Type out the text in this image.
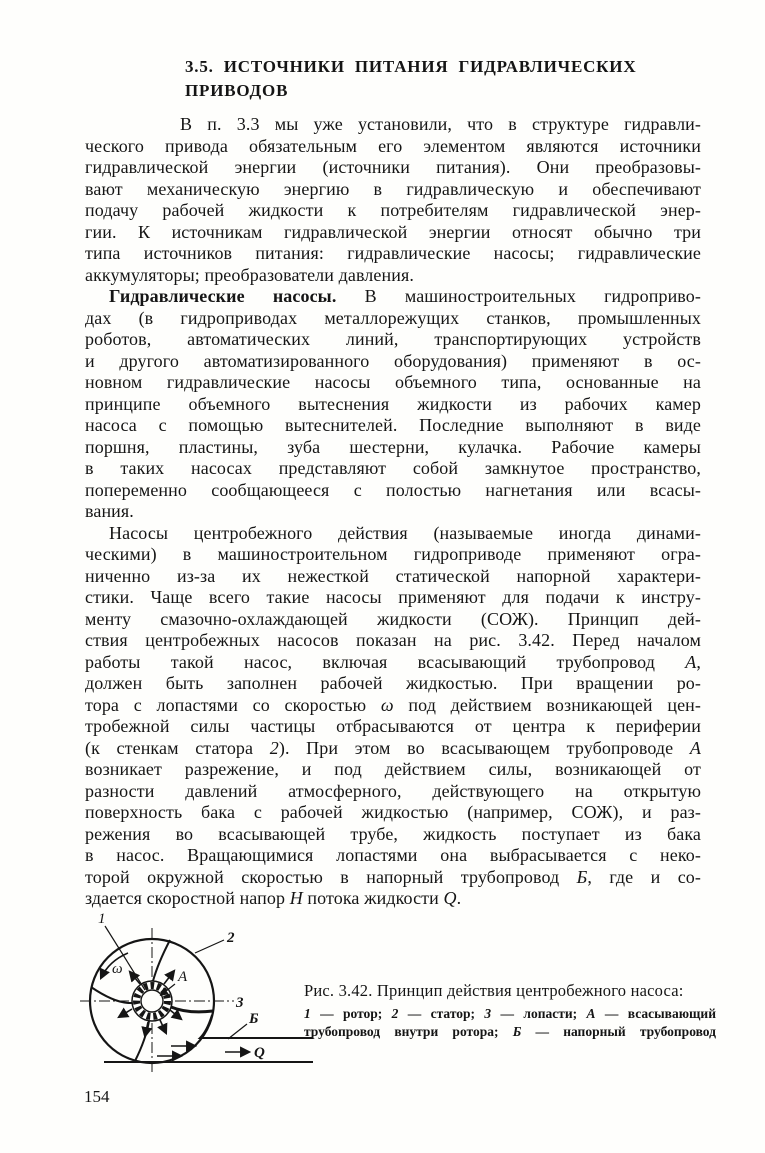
3.5. ИСТОЧНИКИ ПИТАНИЯ ГИДРАВЛИЧЕСКИХ
ПРИВОДОВ
В п. 3.3 мы уже установили, что в структуре гидравли-
ческого привода обязательным его элементом являются источники
гидравлической энергии (источники питания). Они преобразовы-
вают механическую энергию в гидравлическую и обеспечивают
подачу рабочей жидкости к потребителям гидравлической энер-
гии. К источникам гидравлической энергии относят обычно три
типа источников питания: гидравлические насосы; гидравлические
аккумуляторы; преобразователи давления.
Гидравлические насосы. В машиностроительных гидроприво-
дах (в гидроприводах металлорежущих станков, промышленных
роботов, автоматических линий, транспортирующих устройств
и другого автоматизированного оборудования) применяют в ос-
новном гидравлические насосы объемного типа, основанные на
принципе объемного вытеснения жидкости из рабочих камер
насоса с помощью вытеснителей. Последние выполняют в виде
поршня, пластины, зуба шестерни, кулачка. Рабочие камеры
в таких насосах представляют собой замкнутое пространство,
попеременно сообщающееся с полостью нагнетания или всасы-
вания.
Насосы центробежного действия (называемые иногда динами-
ческими) в машиностроительном гидроприводе применяют огра-
ниченно из-за их нежесткой статической напорной характери-
стики. Чаще всего такие насосы применяют для подачи к инстру-
менту смазочно-охлаждающей жидкости (СОЖ). Принцип дей-
ствия центробежных насосов показан на рис. 3.42. Перед началом
работы такой насос, включая всасывающий трубопровод А,
должен быть заполнен рабочей жидкостью. При вращении ро-
тора с лопастями со скоростью ω под действием возникающей цен-
тробежной силы частицы отбрасываются от центра к периферии
(к стенкам статора 2). При этом во всасывающем трубопроводе А
возникает разрежение, и под действием силы, возникающей от
разности давлений атмосферного, действующего на открытую
поверхность бака с рабочей жидкостью (например, СОЖ), и раз-
режения во всасывающей трубе, жидкость поступает из бака
в насос. Вращающимися лопастями она выбрасывается с неко-
торой окружной скоростью в напорный трубопровод Б, где и со-
здается скоростной напор Н потока жидкости Q.
ω
1
2
А
3
Б
Q
Рис. 3.42. Принцип действия центробежного насоса:
1 — ротор; 2 — статор; 3 — лопасти; А — всасывающий
трубопровод внутри ротора; Б — напорный трубопровод
154
